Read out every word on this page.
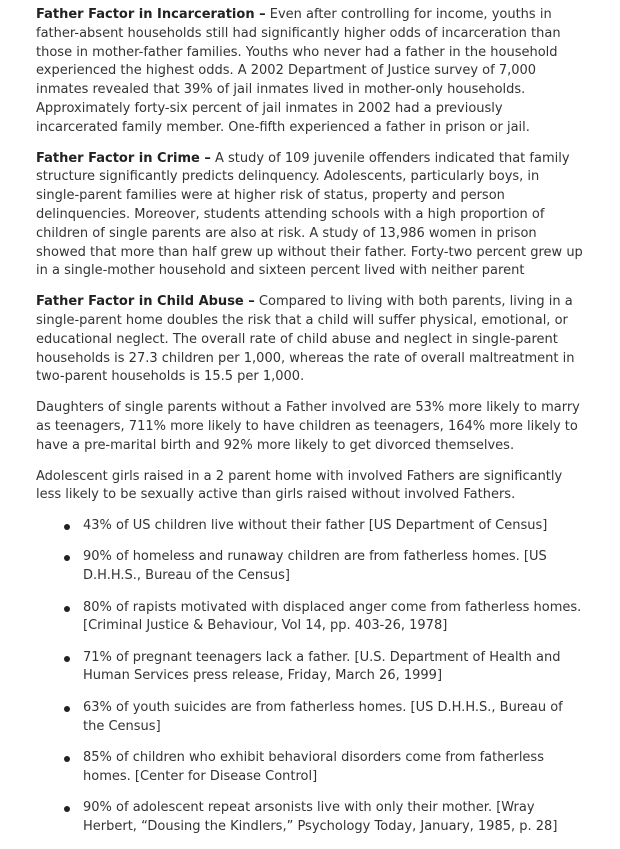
Father Factor in Incarceration – Even after controlling for income, youths in father-absent households still had significantly higher odds of incarceration than those in mother-father families. Youths who never had a father in the household experienced the highest odds. A 2002 Department of Justice survey of 7,000 inmates revealed that 39% of jail inmates lived in mother-only households. Approximately forty-six percent of jail inmates in 2002 had a previously incarcerated family member. One-fifth experienced a father in prison or jail.

Father Factor in Crime – A study of 109 juvenile offenders indicated that family structure significantly predicts delinquency. Adolescents, particularly boys, in single-parent families were at higher risk of status, property and person delinquencies. Moreover, students attending schools with a high proportion of children of single parents are also at risk. A study of 13,986 women in prison showed that more than half grew up without their father. Forty-two percent grew up in a single-mother household and sixteen percent lived with neither parent

Father Factor in Child Abuse – Compared to living with both parents, living in a single-parent home doubles the risk that a child will suffer physical, emotional, or educational neglect. The overall rate of child abuse and neglect in single-parent households is 27.3 children per 1,000, whereas the rate of overall maltreatment in two-parent households is 15.5 per 1,000.

Daughters of single parents without a Father involved are 53% more likely to marry as teenagers, 711% more likely to have children as teenagers, 164% more likely to have a pre-marital birth and 92% more likely to get divorced themselves.

Adolescent girls raised in a 2 parent home with involved Fathers are significantly less likely to be sexually active than girls raised without involved Fathers.

43% of US children live without their father [US Department of Census]
90% of homeless and runaway children are from fatherless homes. [US D.H.H.S., Bureau of the Census]
80% of rapists motivated with displaced anger come from fatherless homes. [Criminal Justice & Behaviour, Vol 14, pp. 403-26, 1978]
71% of pregnant teenagers lack a father. [U.S. Department of Health and Human Services press release, Friday, March 26, 1999]
63% of youth suicides are from fatherless homes. [US D.H.H.S., Bureau of the Census]
85% of children who exhibit behavioral disorders come from fatherless homes. [Center for Disease Control]
90% of adolescent repeat arsonists live with only their mother. [Wray Herbert, “Dousing the Kindlers,” Psychology Today, January, 1985, p. 28]
